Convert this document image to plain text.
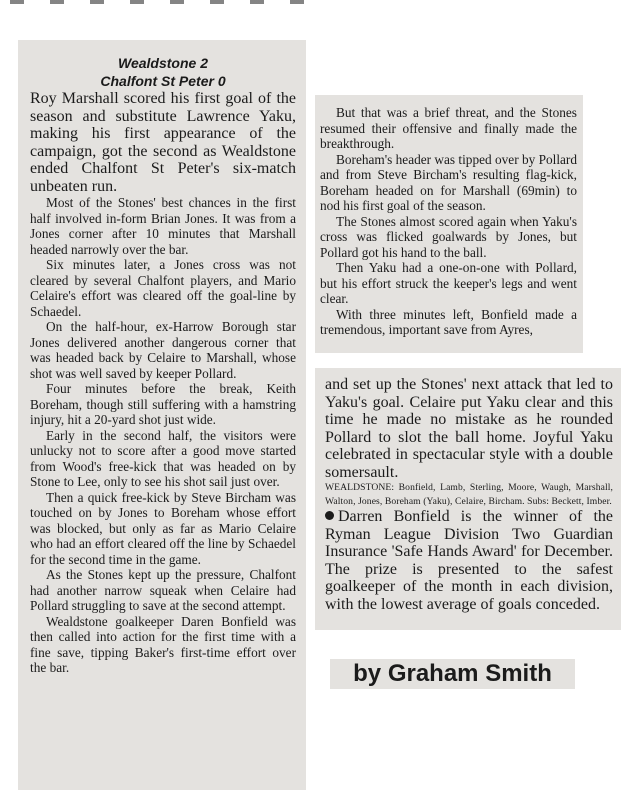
Wealdstone 2
Chalfont St Peter 0

Roy Marshall scored his first goal of the season and substitute Lawrence Yaku, making his first appearance of the campaign, got the second as Wealdstone ended Chalfont St Peter's six-match unbeaten run.

Most of the Stones' best chances in the first half involved in-form Brian Jones. It was from a Jones corner after 10 minutes that Marshall headed narrowly over the bar.

Six minutes later, a Jones cross was not cleared by several Chalfont players, and Mario Celaire's effort was cleared off the goal-line by Schaedel.

On the half-hour, ex-Harrow Borough star Jones delivered another dangerous corner that was headed back by Celaire to Marshall, whose shot was well saved by keeper Pollard.

Four minutes before the break, Keith Boreham, though still suffering with a hamstring injury, hit a 20-yard shot just wide.

Early in the second half, the visitors were unlucky not to score after a good move started from Wood's free-kick that was headed on by Stone to Lee, only to see his shot sail just over.

Then a quick free-kick by Steve Bircham was touched on by Jones to Boreham whose effort was blocked, but only as far as Mario Celaire who had an effort cleared off the line by Schaedel for the second time in the game.

As the Stones kept up the pressure, Chalfont had another narrow squeak when Celaire had Pollard struggling to save at the second attempt.

Wealdstone goalkeeper Daren Bonfield was then called into action for the first time with a fine save, tipping Baker's first-time effort over the bar.

But that was a brief threat, and the Stones resumed their offensive and finally made the breakthrough.

Boreham's header was tipped over by Pollard and from Steve Bircham's resulting flag-kick, Boreham headed on for Marshall (69min) to nod his first goal of the season.

The Stones almost scored again when Yaku's cross was flicked goalwards by Jones, but Pollard got his hand to the ball.

Then Yaku had a one-on-one with Pollard, but his effort struck the keeper's legs and went clear.

With three minutes left, Bonfield made a tremendous, important save from Ayres,

and set up the Stones' next attack that led to Yaku's goal. Celaire put Yaku clear and this time he made no mistake as he rounded Pollard to slot the ball home. Joyful Yaku celebrated in spectacular style with a double somersault.

WEALDSTONE: Bonfield, Lamb, Sterling, Moore, Waugh, Marshall, Walton, Jones, Boreham (Yaku), Celaire, Bircham. Subs: Beckett, Imber.

Darren Bonfield is the winner of the Ryman League Division Two Guardian Insurance 'Safe Hands Award' for December. The prize is presented to the safest goalkeeper of the month in each division, with the lowest average of goals conceded.

by Graham Smith
